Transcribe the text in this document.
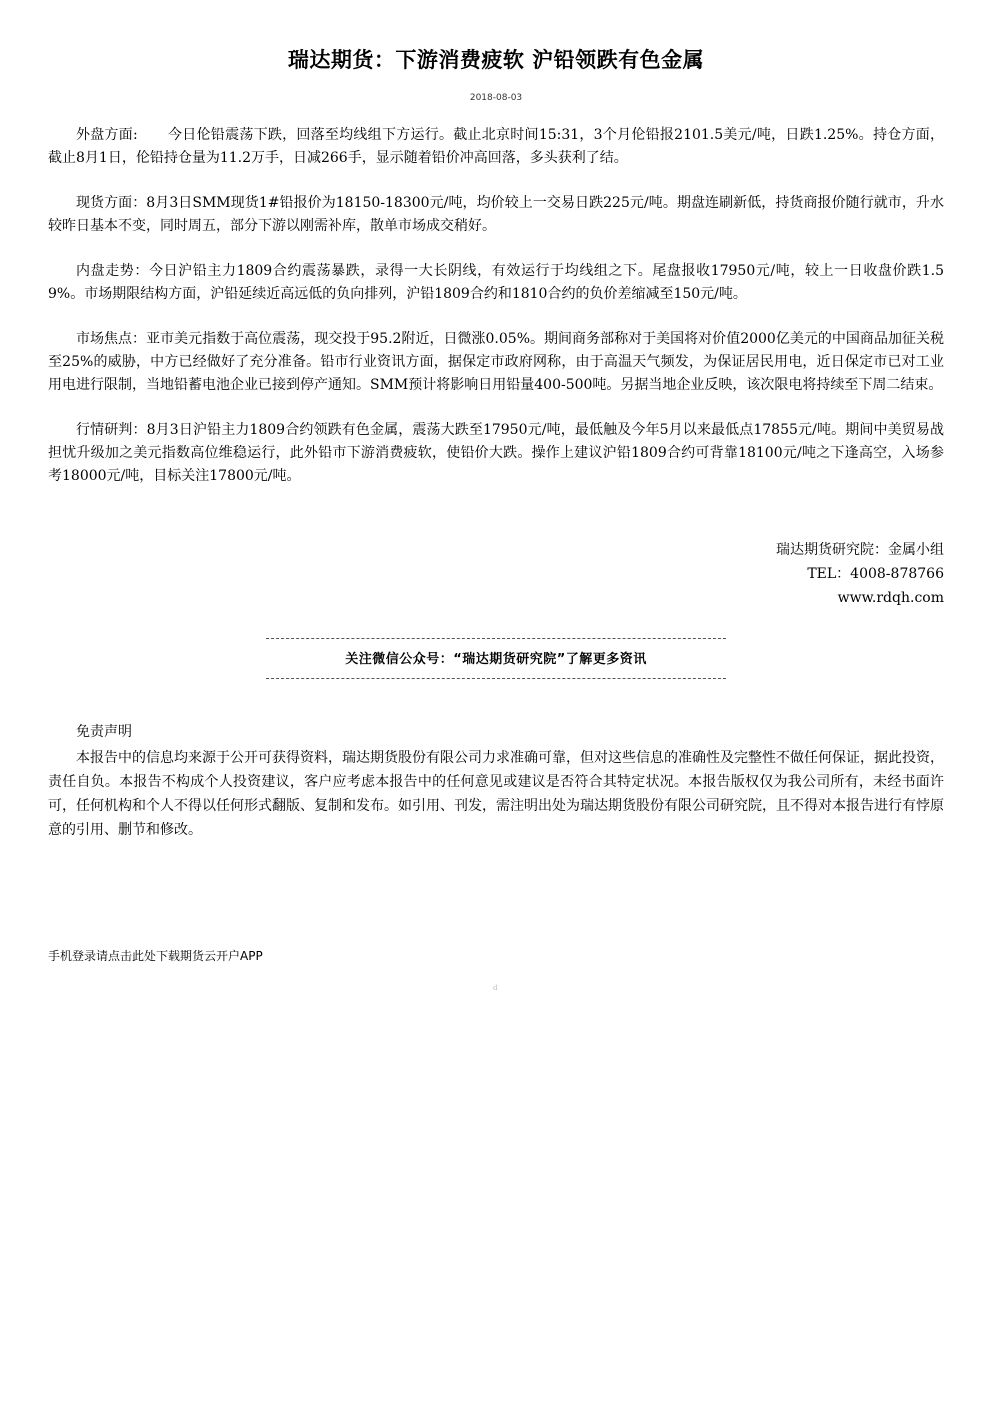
瑞达期货：下游消费疲软 沪铅领跌有色金属
2018-08-03

外盘方面: 今日伦铅震荡下跌，回落至均线组下方运行。截止北京时间15:31，3个月伦铅报2101.5美元/吨，日跌1.25%。持仓方面，截止8月1日，伦铅持仓量为11.2万手，日减266手，显示随着铅价冲高回落，多头获利了结。

现货方面：8月3日SMM现货1#铅报价为18150-18300元/吨，均价较上一交易日跌225元/吨。期盘连刷新低，持货商报价随行就市，升水较昨日基本不变，同时周五，部分下游以刚需补库，散单市场成交稍好。

内盘走势：今日沪铅主力1809合约震荡暴跌，录得一大长阴线，有效运行于均线组之下。尾盘报收17950元/吨，较上一日收盘价跌1.59%。市场期限结构方面，沪铅延续近高远低的负向排列，沪铅1809合约和1810合约的负价差缩减至150元/吨。

市场焦点：亚市美元指数于高位震荡，现交投于95.2附近，日微涨0.05%。期间商务部称对于美国将对价值2000亿美元的中国商品加征关税至25%的威胁，中方已经做好了充分准备。铅市行业资讯方面，据保定市政府网称，由于高温天气频发，为保证居民用电，近日保定市已对工业用电进行限制，当地铅蓄电池企业已接到停产通知。SMM预计将影响日用铅量400-500吨。另据当地企业反映，该次限电将持续至下周二结束。

行情研判：8月3日沪铅主力1809合约领跌有色金属，震荡大跌至17950元/吨，最低触及今年5月以来最低点17855元/吨。期间中美贸易战担忧升级加之美元指数高位维稳运行，此外铅市下游消费疲软，使铅价大跌。操作上建议沪铅1809合约可背靠18100元/吨之下逢高空，入场参考18000元/吨，目标关注17800元/吨。

瑞达期货研究院：金属小组
TEL：4008-878766
www.rdqh.com
关注微信公众号：“瑞达期货研究院”了解更多资讯

免责声明

本报告中的信息均来源于公开可获得资料，瑞达期货股份有限公司力求准确可靠，但对这些信息的准确性及完整性不做任何保证，据此投资，责任自负。本报告不构成个人投资建议，客户应考虑本报告中的任何意见或建议是否符合其特定状况。本报告版权仅为我公司所有，未经书面许可，任何机构和个人不得以任何形式翻版、复制和发布。如引用、刊发，需注明出处为瑞达期货股份有限公司研究院，且不得对本报告进行有悖原意的引用、删节和修改。

手机登录请点击此处下载期货云开户APP
d
